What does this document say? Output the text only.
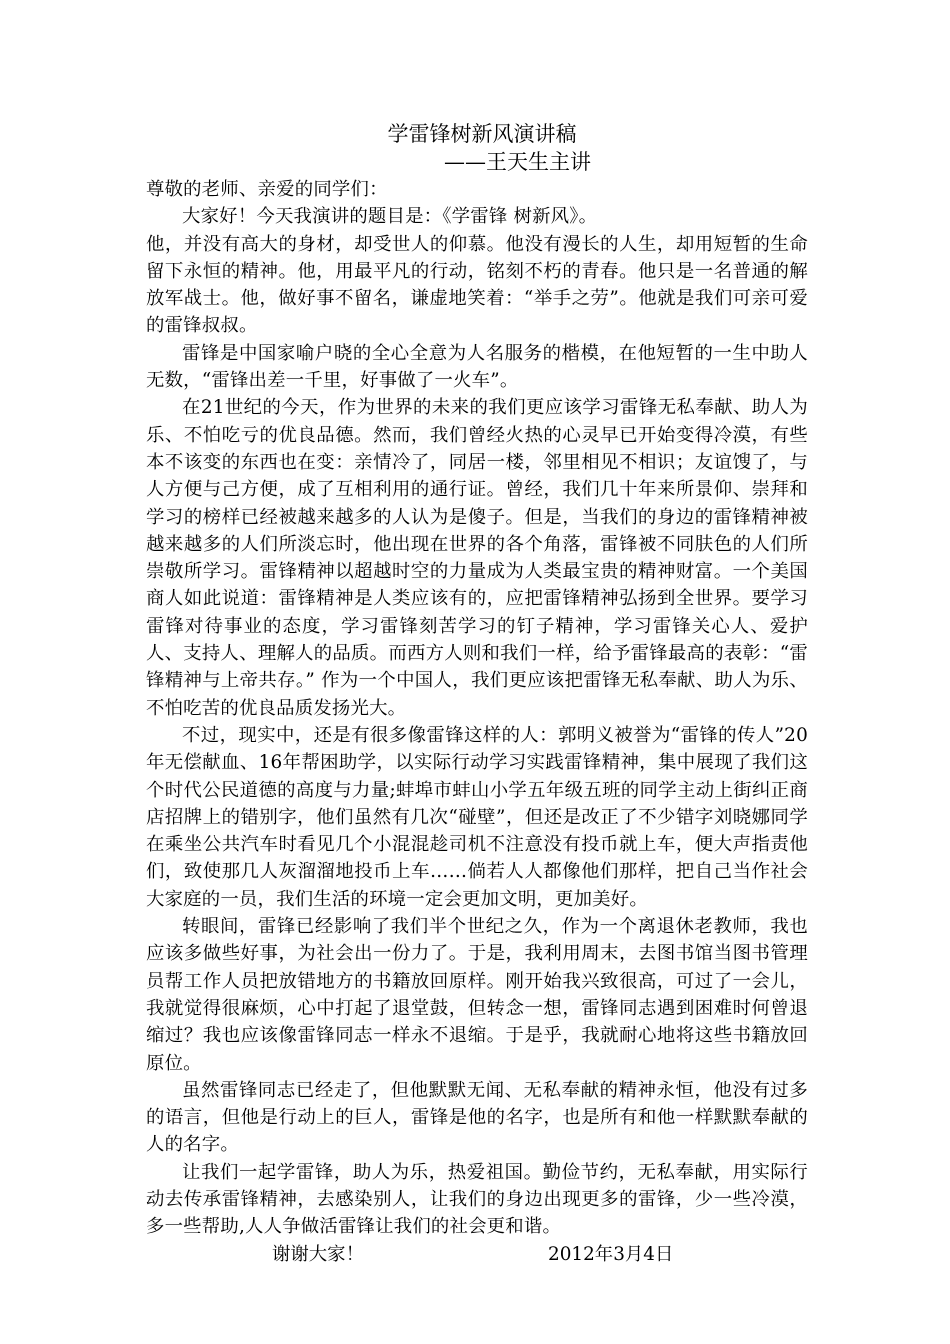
学雷锋树新风演讲稿

——王天生主讲

尊敬的老师、亲爱的同学们：

大家好！今天我演讲的题目是：《学雷锋 树新风》。

他，并没有高大的身材，却受世人的仰慕。他没有漫长的人生，却用短暂的生命留下永恒的精神。他，用最平凡的行动，铭刻不朽的青春。他只是一名普通的解放军战士。他，做好事不留名，谦虚地笑着：“举手之劳”。他就是我们可亲可爱的雷锋叔叔。

雷锋是中国家喻户晓的全心全意为人名服务的楷模，在他短暂的一生中助人无数，“雷锋出差一千里，好事做了一火车”。

在21世纪的今天，作为世界的未来的我们更应该学习雷锋无私奉献、助人为乐、不怕吃亏的优良品德。然而，我们曾经火热的心灵早已开始变得冷漠，有些本不该变的东西也在变：亲情冷了，同居一楼，邻里相见不相识；友谊馊了，与人方便与己方便，成了互相利用的通行证。曾经，我们几十年来所景仰、崇拜和学习的榜样已经被越来越多的人认为是傻子。但是，当我们的身边的雷锋精神被越来越多的人们所淡忘时，他出现在世界的各个角落，雷锋被不同肤色的人们所崇敬所学习。雷锋精神以超越时空的力量成为人类最宝贵的精神财富。一个美国商人如此说道：雷锋精神是人类应该有的，应把雷锋精神弘扬到全世界。要学习雷锋对待事业的态度，学习雷锋刻苦学习的钉子精神，学习雷锋关心人、爱护人、支持人、理解人的品质。而西方人则和我们一样，给予雷锋最高的表彰：“雷锋精神与上帝共存。” 作为一个中国人，我们更应该把雷锋无私奉献、助人为乐、不怕吃苦的优良品质发扬光大。

不过，现实中，还是有很多像雷锋这样的人：郭明义被誉为“雷锋的传人”20年无偿献血、16年帮困助学，以实际行动学习实践雷锋精神，集中展现了我们这个时代公民道德的高度与力量;蚌埠市蚌山小学五年级五班的同学主动上街纠正商店招牌上的错别字，他们虽然有几次“碰壁”，但还是改正了不少错字刘晓娜同学在乘坐公共汽车时看见几个小混混趁司机不注意没有投币就上车，便大声指责他们，致使那几人灰溜溜地投币上车……倘若人人都像他们那样，把自己当作社会大家庭的一员，我们生活的环境一定会更加文明，更加美好。

转眼间，雷锋已经影响了我们半个世纪之久，作为一个离退休老教师，我也应该多做些好事，为社会出一份力了。于是，我利用周末，去图书馆当图书管理员帮工作人员把放错地方的书籍放回原样。刚开始我兴致很高，可过了一会儿，我就觉得很麻烦，心中打起了退堂鼓，但转念一想，雷锋同志遇到困难时何曾退缩过？我也应该像雷锋同志一样永不退缩。于是乎，我就耐心地将这些书籍放回原位。

虽然雷锋同志已经走了，但他默默无闻、无私奉献的精神永恒，他没有过多的语言，但他是行动上的巨人，雷锋是他的名字，也是所有和他一样默默奉献的人的名字。

让我们一起学雷锋，助人为乐，热爱祖国。勤俭节约，无私奉献，用实际行动去传承雷锋精神，去感染别人，让我们的身边出现更多的雷锋，少一些冷漠，多一些帮助,人人争做活雷锋让我们的社会更和谐。

谢谢大家！	2012年3月4日
